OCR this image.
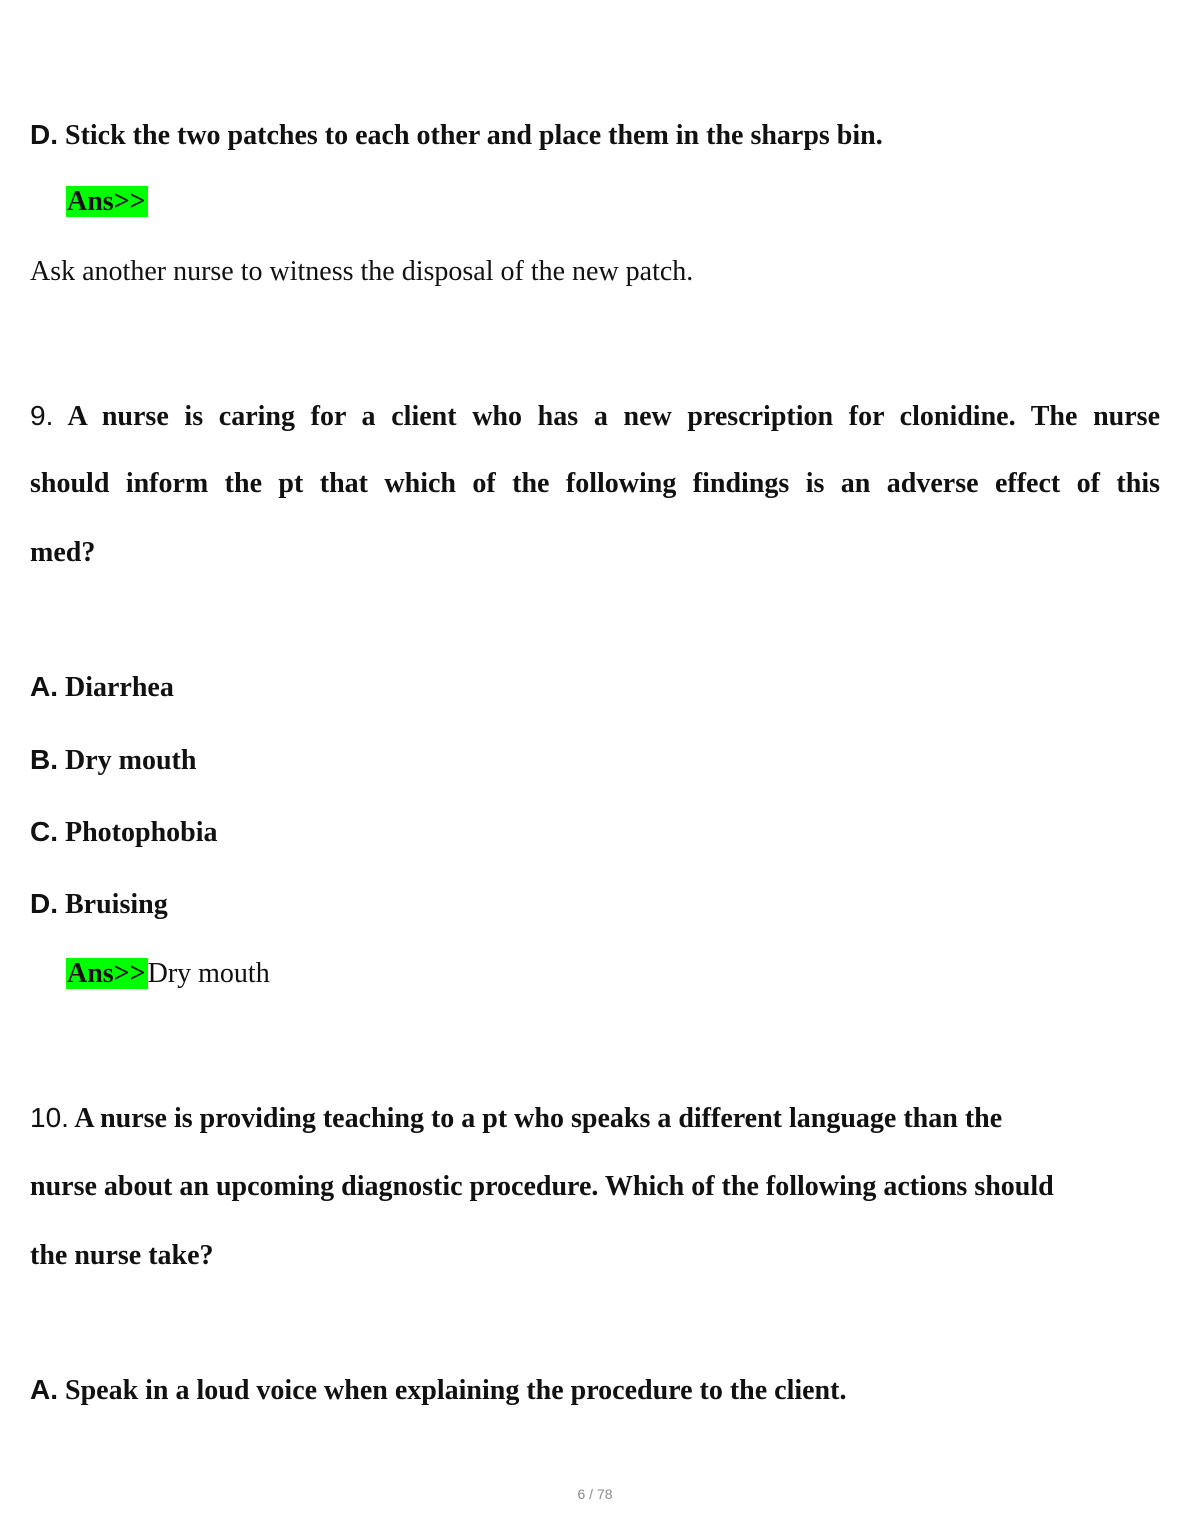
D. Stick the two patches to each other and place them in the sharps bin.
Ans>>
Ask another nurse to witness the disposal of the new patch.
9. A nurse is caring for a client who has a new prescription for clonidine. The nurse
should inform the pt that which of the following findings is an adverse effect of this
med?
A. Diarrhea
B. Dry mouth
C. Photophobia
D. Bruising
Ans>>Dry mouth
10. A nurse is providing teaching to a pt who speaks a different language than the
nurse about an upcoming diagnostic procedure. Which of the following actions should
the nurse take?
A. Speak in a loud voice when explaining the procedure to the client.
6 / 78
